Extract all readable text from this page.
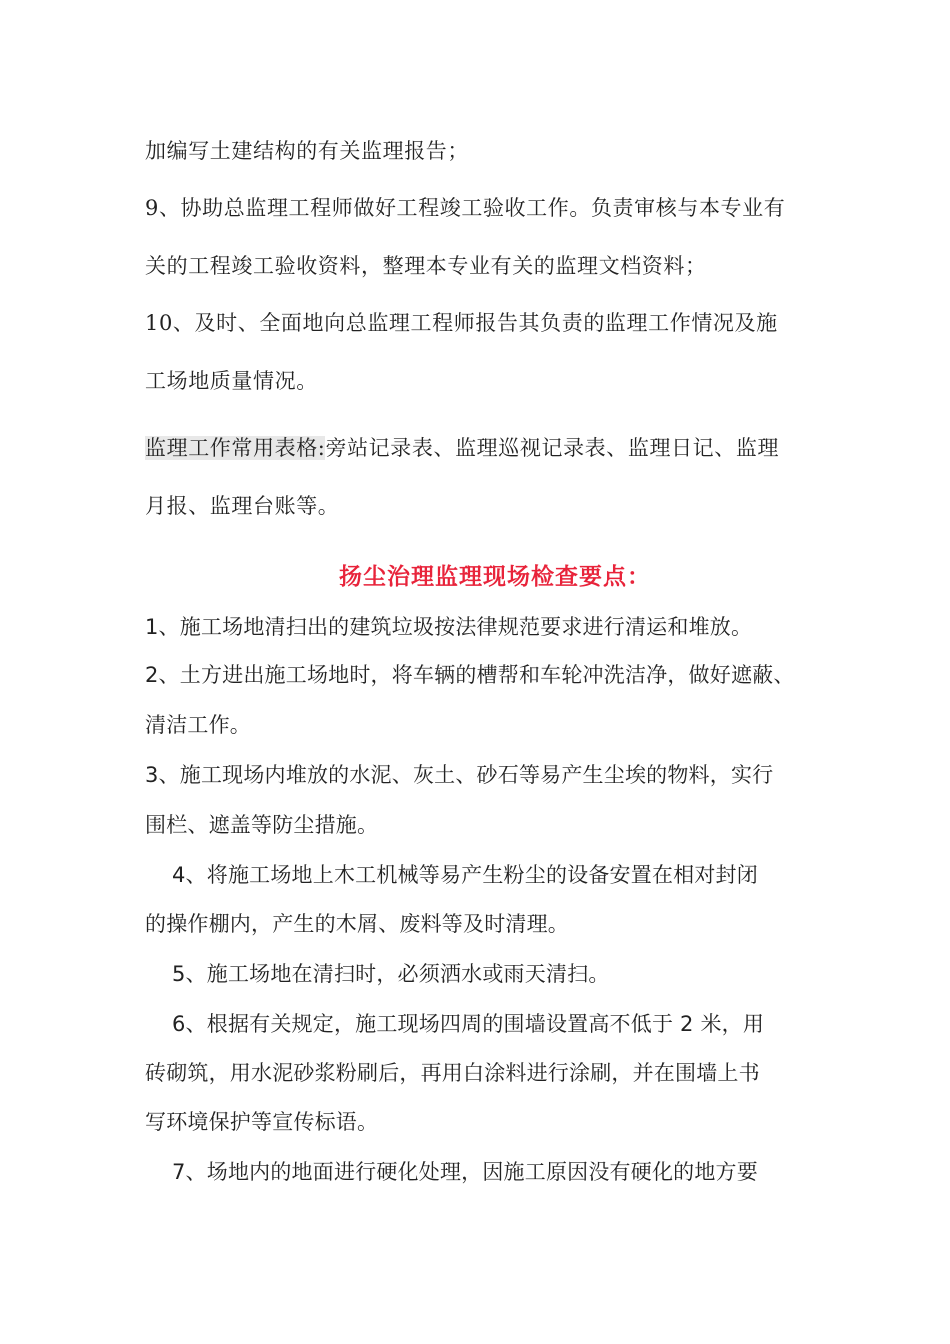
加编写土建结构的有关监理报告；
9、协助总监理工程师做好工程竣工验收工作。负责审核与本专业有
关的工程竣工验收资料，整理本专业有关的监理文档资料；
10、及时、全面地向总监理工程师报告其负责的监理工作情况及施
工场地质量情况。
监理工作常用表格:旁站记录表、监理巡视记录表、监理日记、监理
月报、监理台账等。
扬尘治理监理现场检查要点：
1、施工场地清扫出的建筑垃圾按法律规范要求进行清运和堆放。
2、土方进出施工场地时，将车辆的槽帮和车轮冲洗洁净，做好遮蔽、
清洁工作。
3、施工现场内堆放的水泥、灰土、砂石等易产生尘埃的物料，实行
围栏、遮盖等防尘措施。
4、将施工场地上木工机械等易产生粉尘的设备安置在相对封闭
的操作棚内，产生的木屑、废料等及时清理。
5、施工场地在清扫时，必须洒水或雨天清扫。
6、根据有关规定，施工现场四周的围墙设置高不低于 2 米，用
砖砌筑，用水泥砂浆粉刷后，再用白涂料进行涂刷，并在围墙上书
写环境保护等宣传标语。
7、场地内的地面进行硬化处理，因施工原因没有硬化的地方要
